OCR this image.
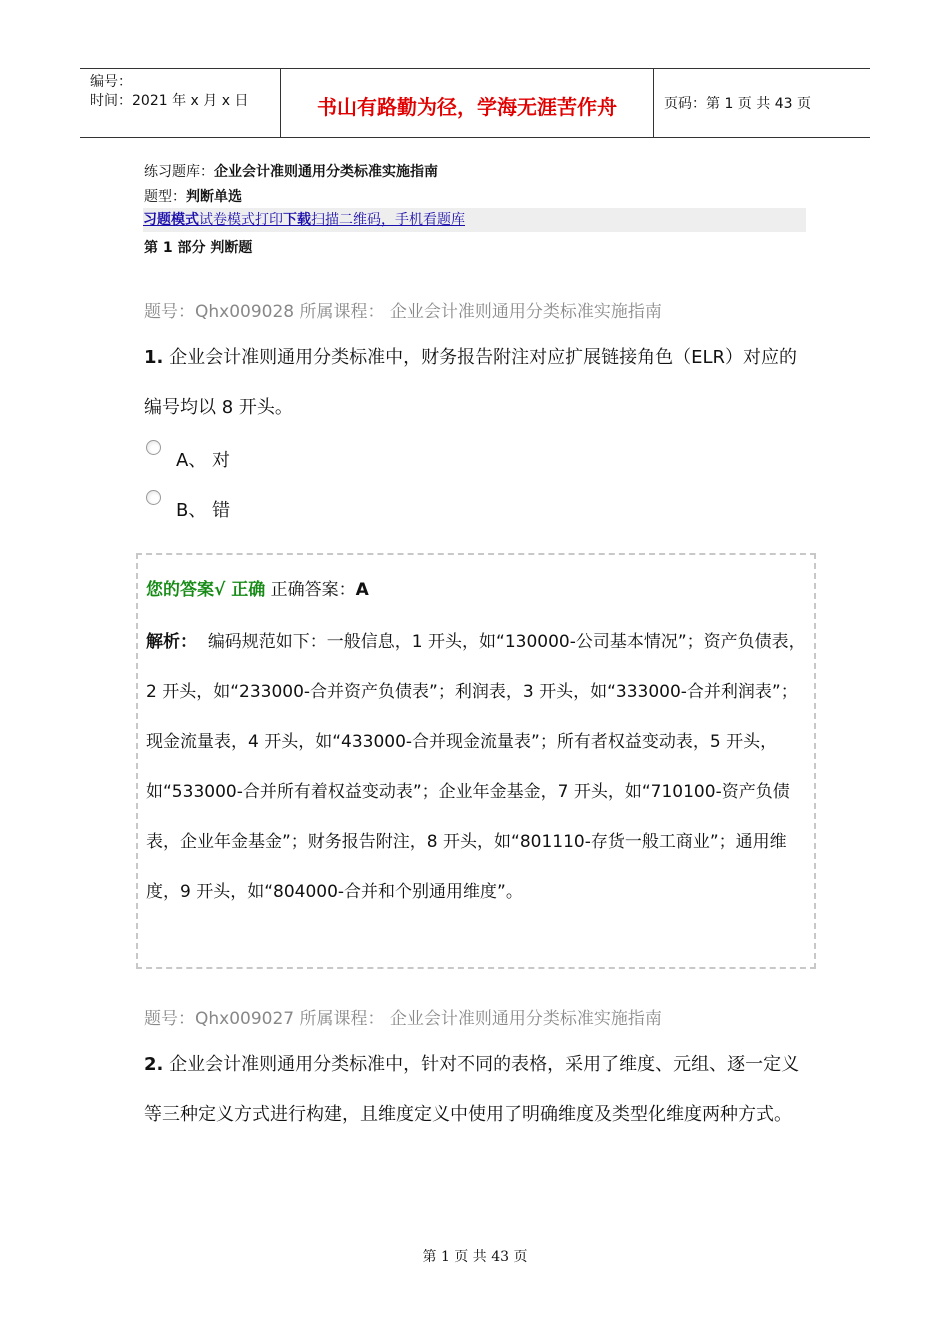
编号：
时间：2021 年 x 月 x 日	书山有路勤为径，学海无涯苦作舟	页码：第 1 页 共 43 页
练习题库：企业会计准则通用分类标准实施指南
题型：判断单选
习题模式试卷模式打印下载扫描二维码，手机看题库
第 1 部分 判断题
题号：Qhx009028 所属课程： 企业会计准则通用分类标准实施指南
1. 企业会计准则通用分类标准中，财务报告附注对应扩展链接角色（ELR）对应的编号均以 8 开头。
A、 对
B、 错
您的答案√ 正确 正确答案：A
解析： 编码规范如下：一般信息，1 开头，如“130000-公司基本情况”；资产负债表，2 开头，如“233000-合并资产负债表”；利润表，3 开头，如“333000-合并利润表”；现金流量表，4 开头，如“433000-合并现金流量表”；所有者权益变动表，5 开头，如“533000-合并所有着权益变动表”；企业年金基金，7 开头，如“710100-资产负债表，企业年金基金”；财务报告附注，8 开头，如“801110-存货一般工商业”；通用维度，9 开头，如“804000-合并和个别通用维度”。
题号：Qhx009027 所属课程： 企业会计准则通用分类标准实施指南
2. 企业会计准则通用分类标准中，针对不同的表格，采用了维度、元组、逐一定义等三种定义方式进行构建，且维度定义中使用了明确维度及类型化维度两种方式。
第 1 页 共 43 页
